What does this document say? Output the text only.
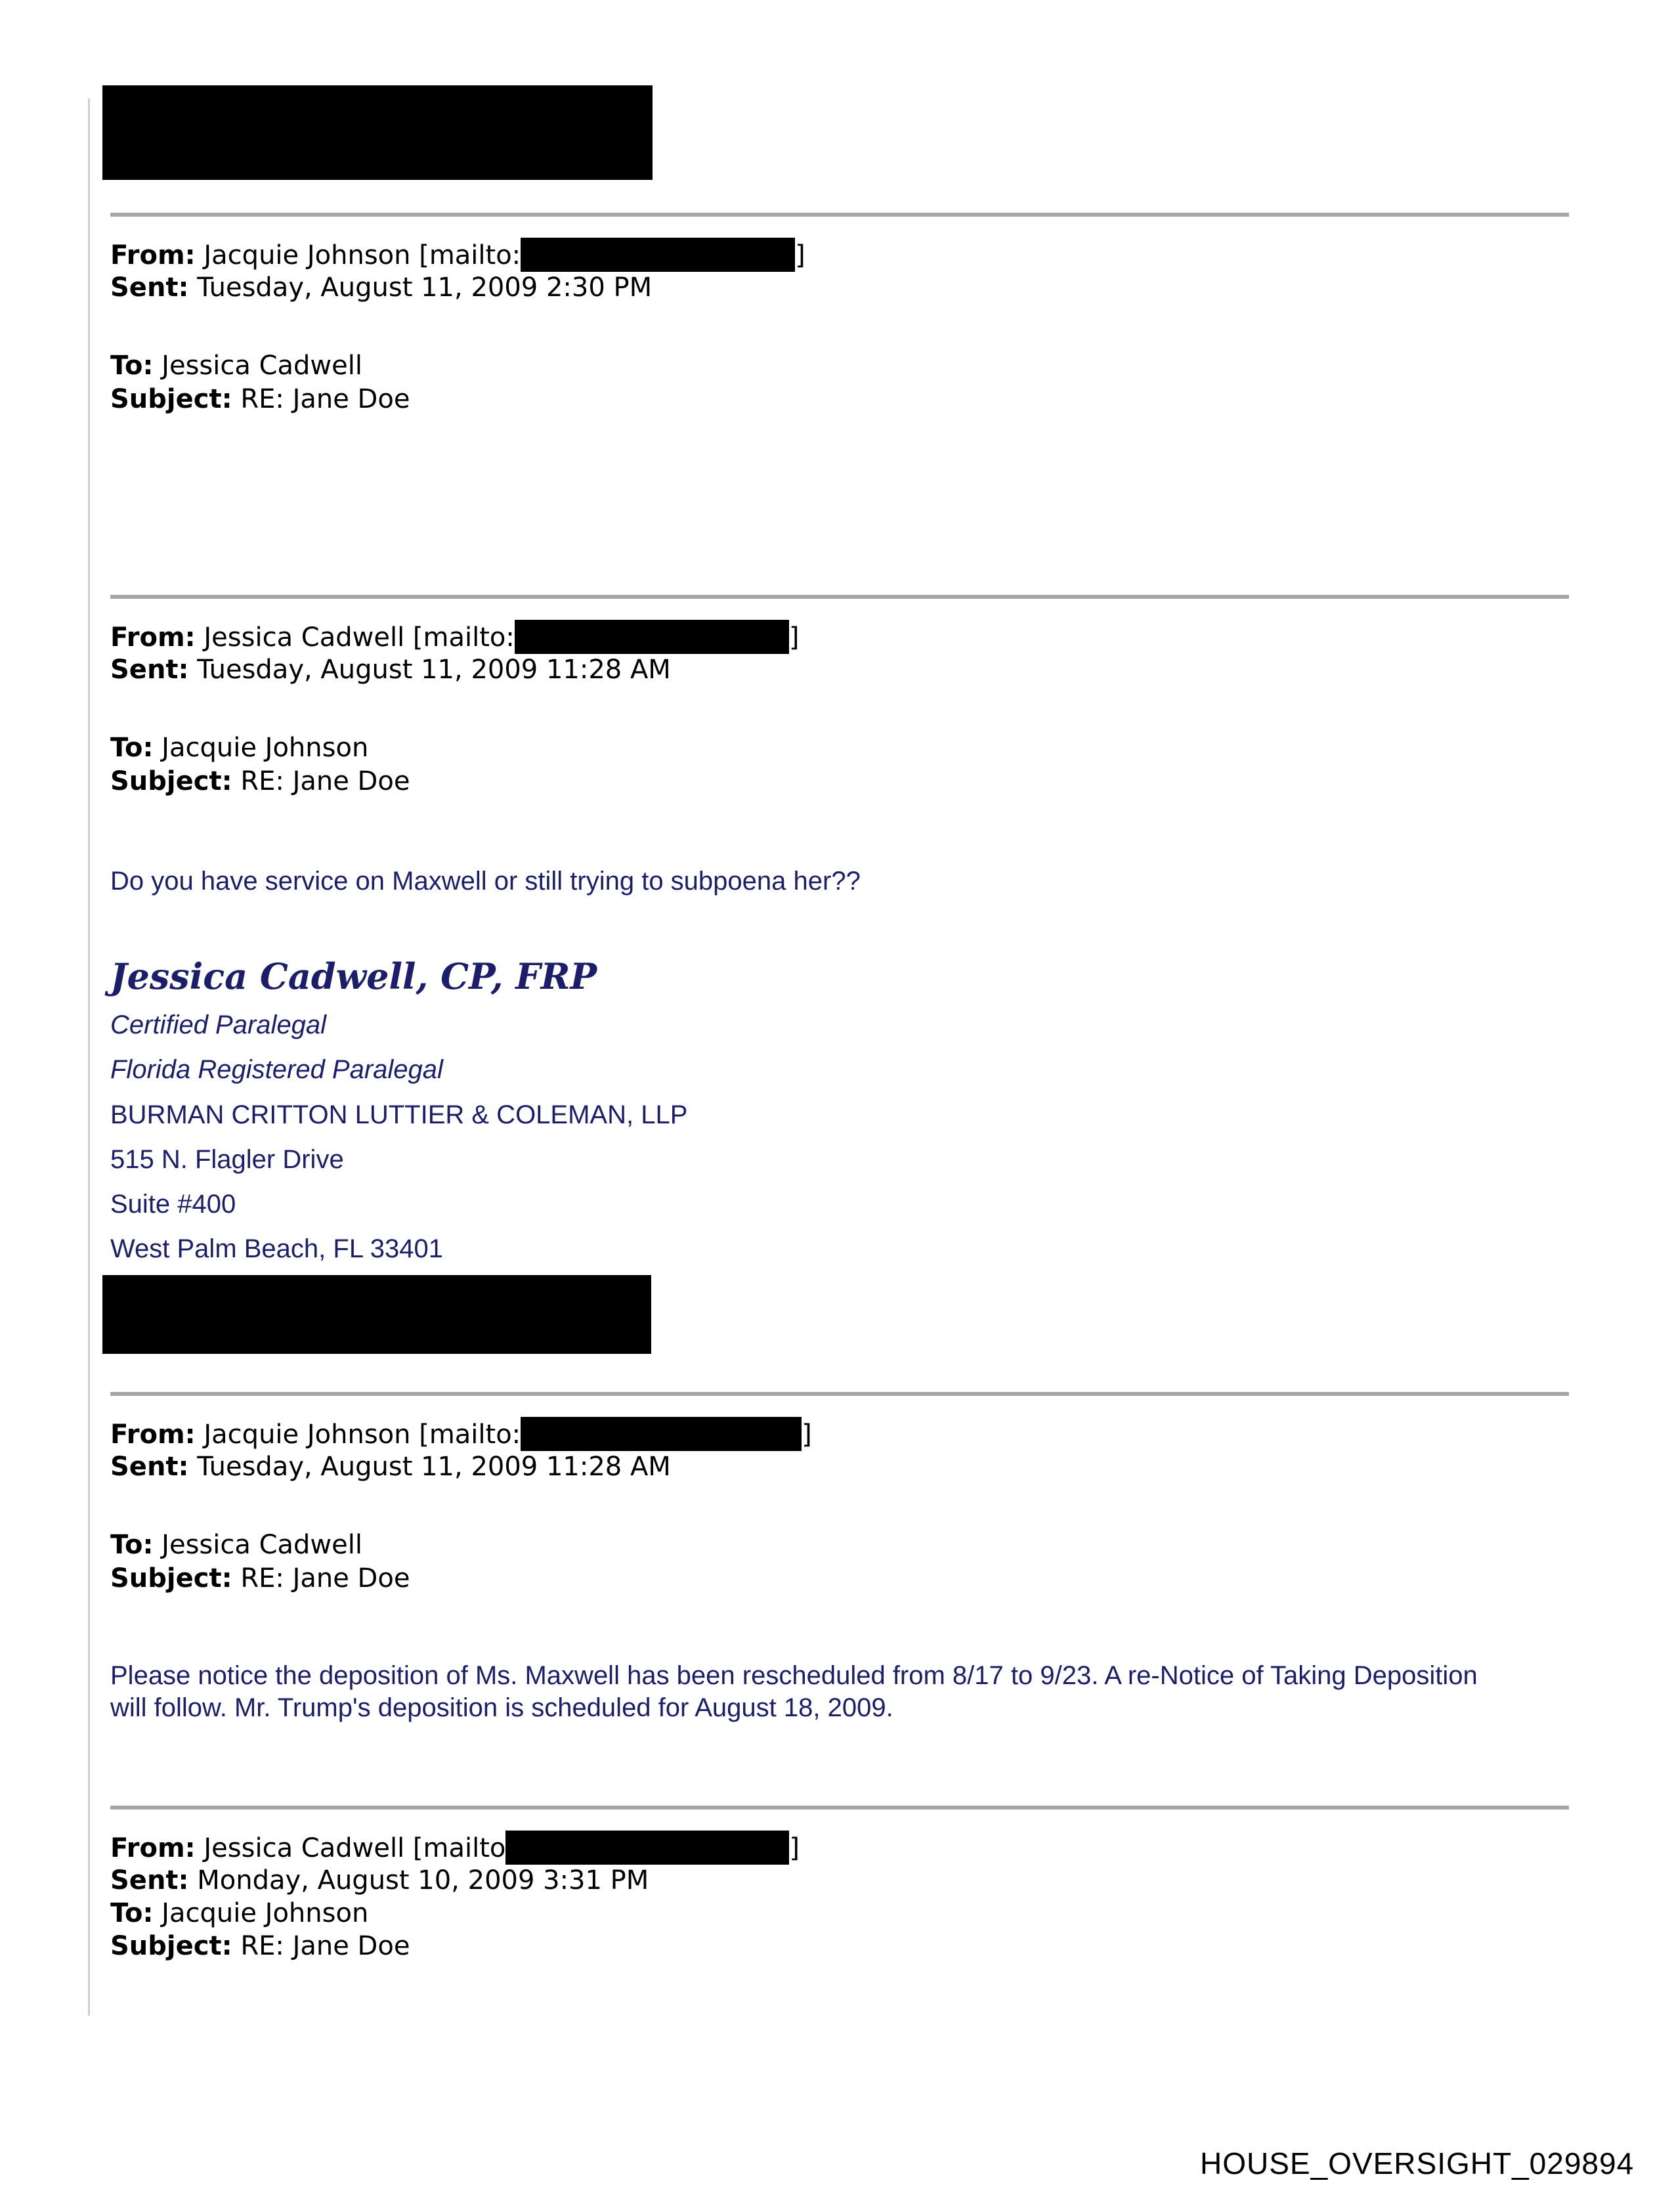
From: Jacquie Johnson [mailto:	]
Sent: Tuesday, August 11, 2009 2:30 PM
To: Jessica Cadwell
Subject: RE: Jane Doe
From: Jessica Cadwell [mailto:	]
Sent: Tuesday, August 11, 2009 11:28 AM
To: Jacquie Johnson
Subject: RE: Jane Doe
Do you have service on Maxwell or still trying to subpoena her??
Jessica Cadwell, CP, FRP
Certified Paralegal
Florida Registered Paralegal
BURMAN CRITTON LUTTIER & COLEMAN, LLP
515 N. Flagler Drive
Suite #400
West Palm Beach, FL 33401
From: Jacquie Johnson [mailto:	]
Sent: Tuesday, August 11, 2009 11:28 AM
To: Jessica Cadwell
Subject: RE: Jane Doe
Please notice the deposition of Ms. Maxwell has been rescheduled from 8/17 to 9/23. A re-Notice of Taking Deposition
will follow. Mr. Trump's deposition is scheduled for August 18, 2009.
From: Jessica Cadwell [mailto	]
Sent: Monday, August 10, 2009 3:31 PM
To: Jacquie Johnson
Subject: RE: Jane Doe
HOUSE_OVERSIGHT_029894
